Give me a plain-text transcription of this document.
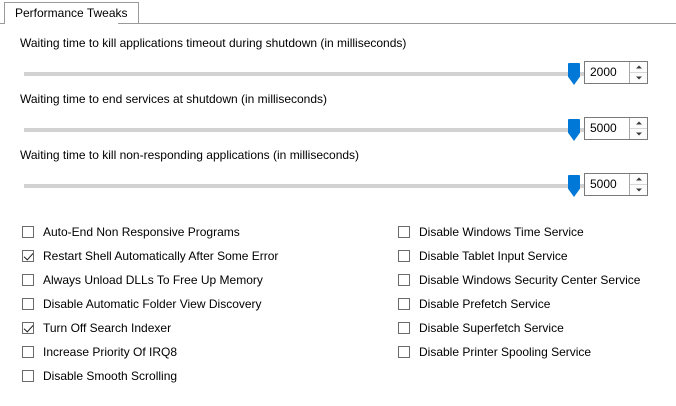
Performance Tweaks
Waiting time to kill applications timeout during shutdown (in milliseconds)
2000
Waiting time to end services at shutdown (in milliseconds)
5000
Waiting time to kill non-responding applications (in milliseconds)
5000
Auto-End Non Responsive Programs
Restart Shell Automatically After Some Error
Always Unload DLLs To Free Up Memory
Disable Automatic Folder View Discovery
Turn Off Search Indexer
Increase Priority Of IRQ8
Disable Smooth Scrolling
Disable Windows Time Service
Disable Tablet Input Service
Disable Windows Security Center Service
Disable Prefetch Service
Disable Superfetch Service
Disable Printer Spooling Service
